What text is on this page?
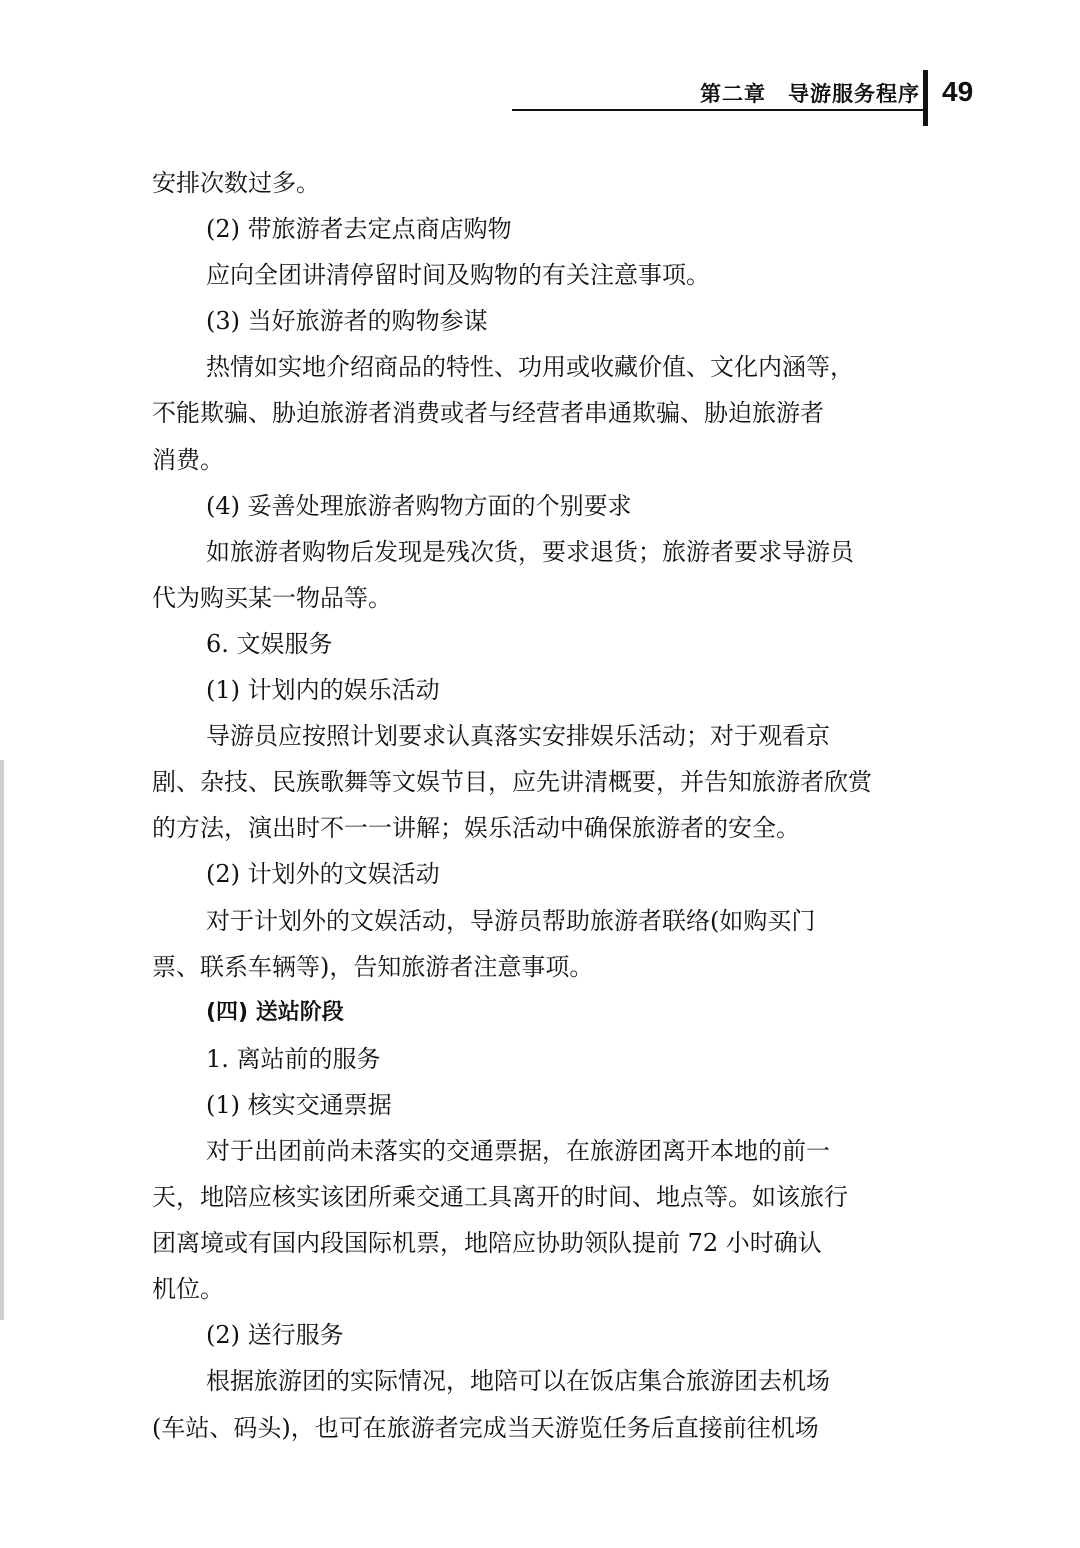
第二章　导游服务程序 49
安排次数过多。
(2) 带旅游者去定点商店购物
应向全团讲清停留时间及购物的有关注意事项。
(3) 当好旅游者的购物参谋
热情如实地介绍商品的特性、功用或收藏价值、文化内涵等，
不能欺骗、胁迫旅游者消费或者与经营者串通欺骗、胁迫旅游者
消费。
(4) 妥善处理旅游者购物方面的个别要求
如旅游者购物后发现是残次货，要求退货；旅游者要求导游员
代为购买某一物品等。
6. 文娱服务
(1) 计划内的娱乐活动
导游员应按照计划要求认真落实安排娱乐活动；对于观看京
剧、杂技、民族歌舞等文娱节目，应先讲清概要，并告知旅游者欣赏
的方法，演出时不一一讲解；娱乐活动中确保旅游者的安全。
(2) 计划外的文娱活动
对于计划外的文娱活动，导游员帮助旅游者联络(如购买门
票、联系车辆等)，告知旅游者注意事项。
(四) 送站阶段
1. 离站前的服务
(1) 核实交通票据
对于出团前尚未落实的交通票据，在旅游团离开本地的前一
天，地陪应核实该团所乘交通工具离开的时间、地点等。如该旅行
团离境或有国内段国际机票，地陪应协助领队提前 72 小时确认
机位。
(2) 送行服务
根据旅游团的实际情况，地陪可以在饭店集合旅游团去机场
(车站、码头)，也可在旅游者完成当天游览任务后直接前往机场
